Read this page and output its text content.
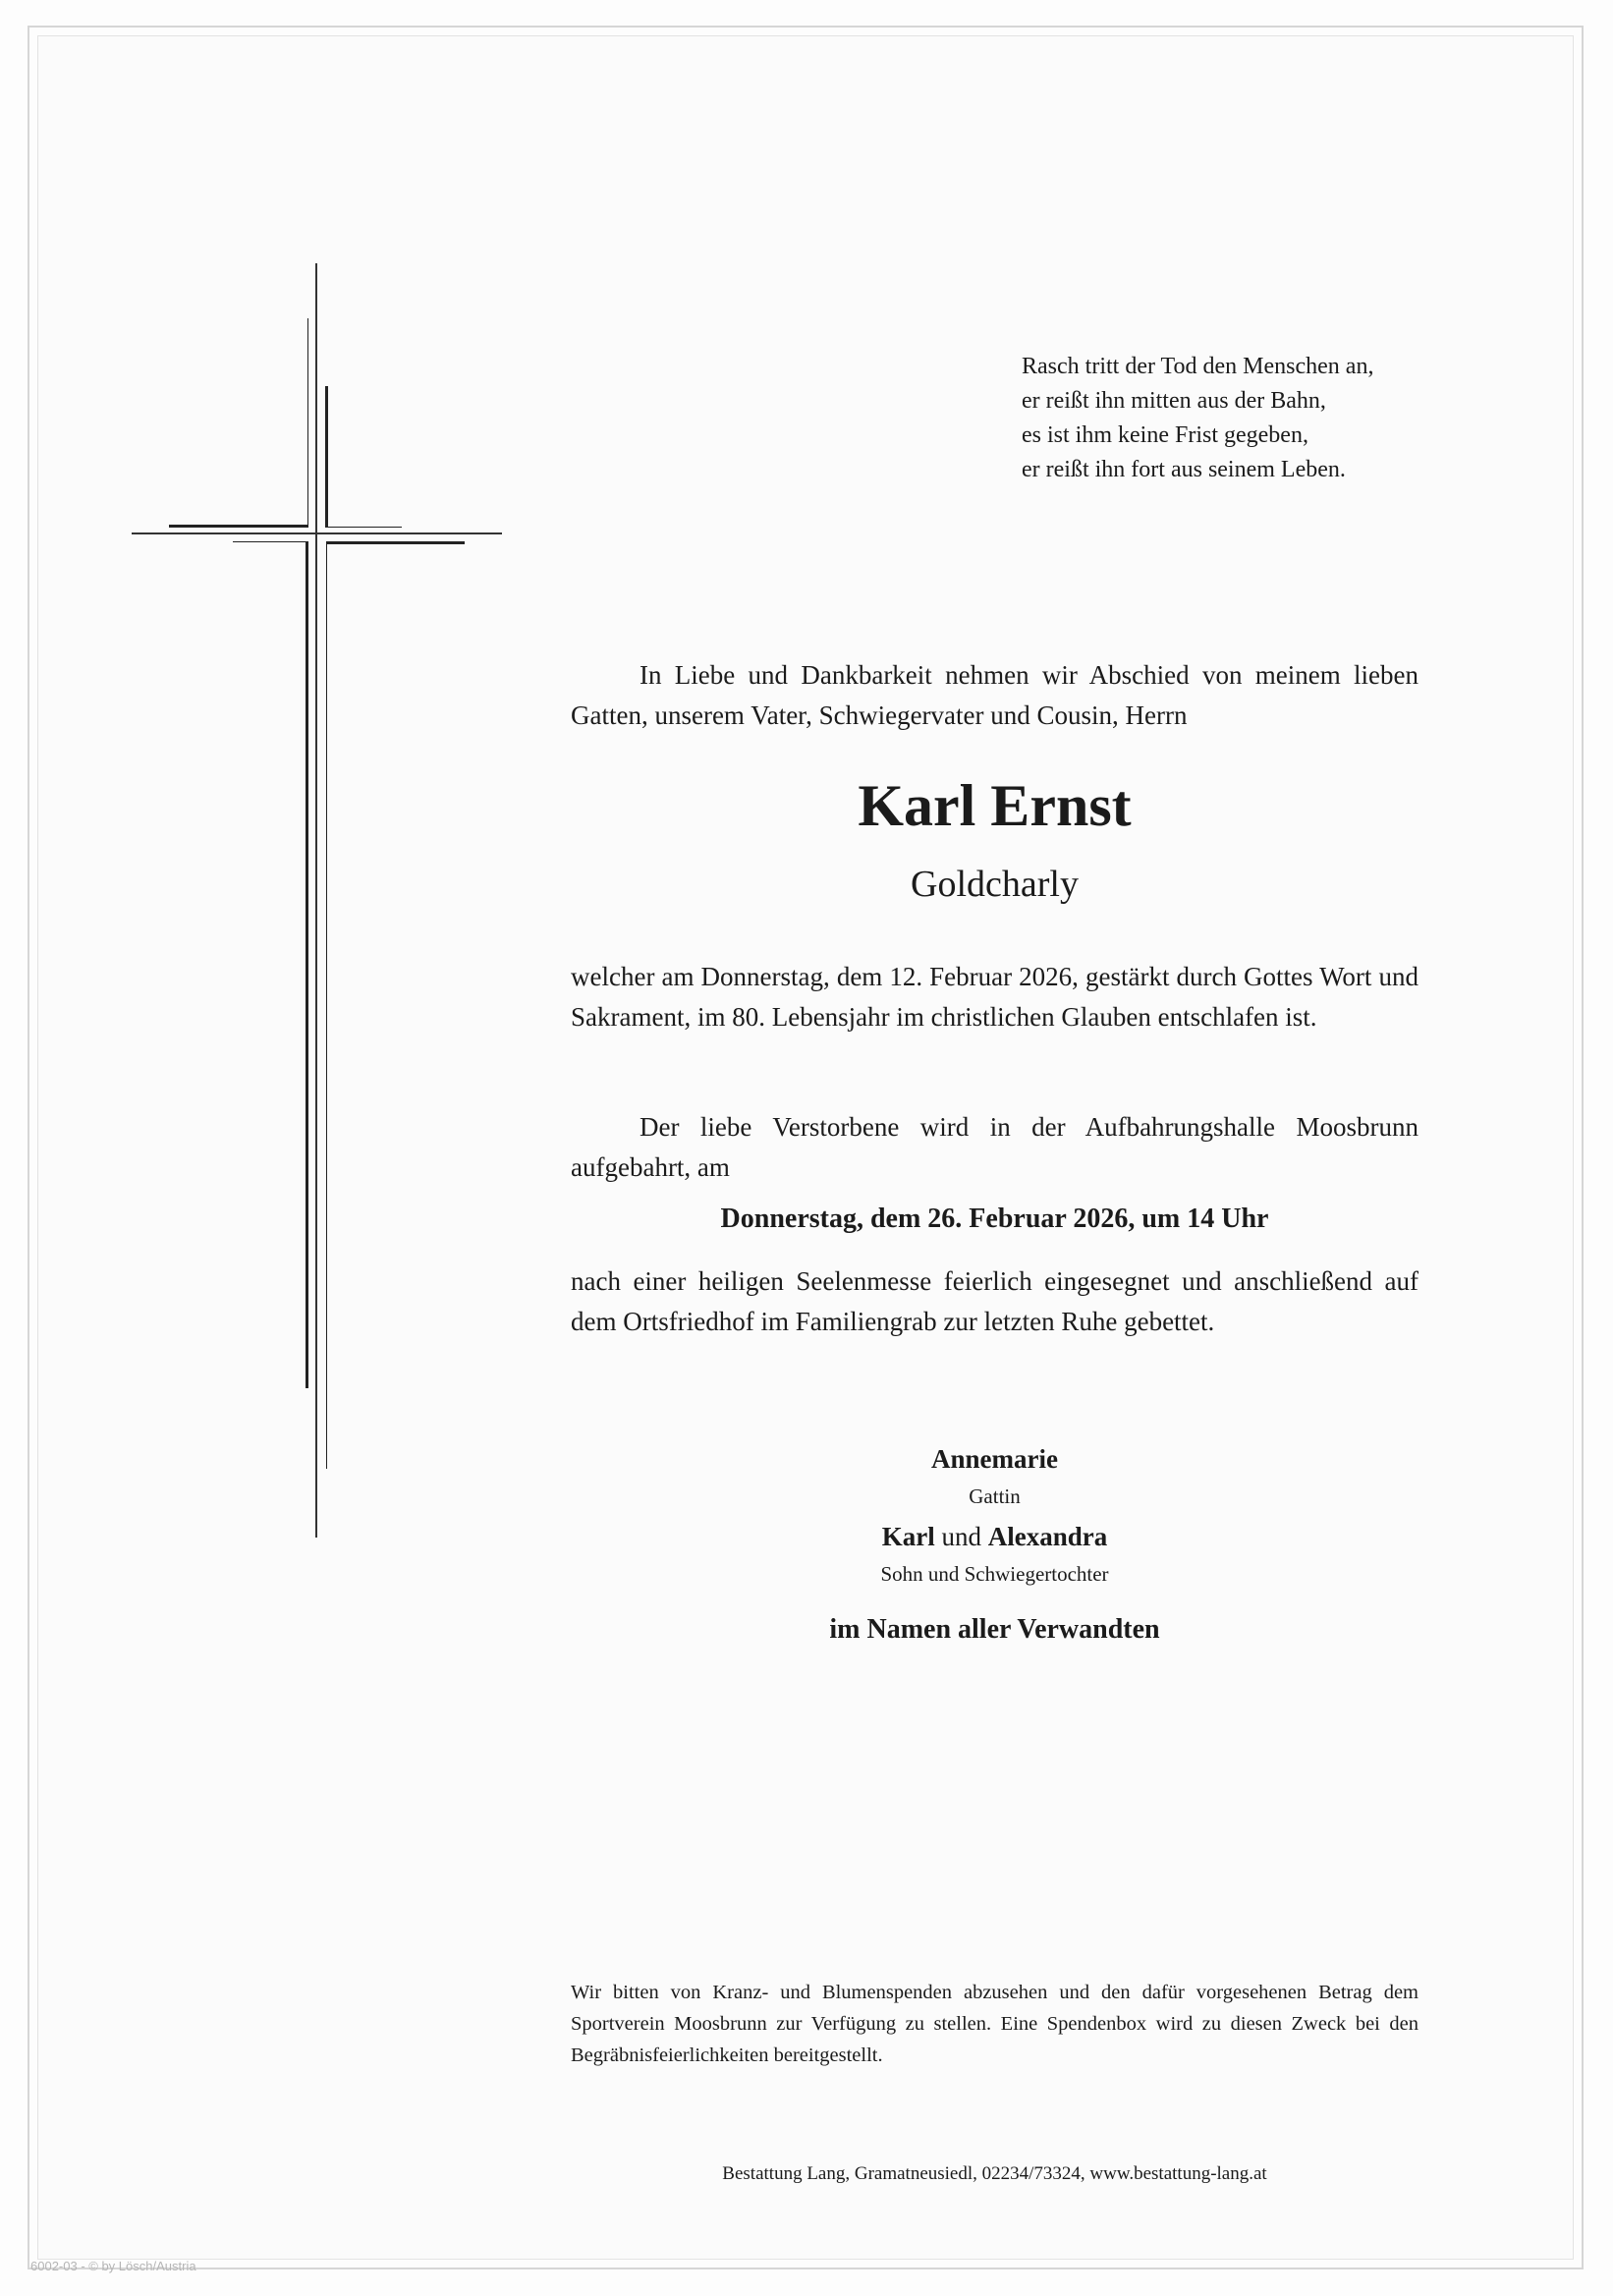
Rasch tritt der Tod den Menschen an,
er reißt ihn mitten aus der Bahn,
es ist ihm keine Frist gegeben,
er reißt ihn fort aus seinem Leben.
In Liebe und Dankbarkeit nehmen wir Abschied von meinem lieben Gatten, unserem Vater, Schwiegervater und Cousin, Herrn
Karl Ernst
Goldcharly
welcher am Donnerstag, dem 12. Februar 2026, gestärkt durch Gottes Wort und Sakrament, im 80. Lebensjahr im christlichen Glauben entschlafen ist.
Der liebe Verstorbene wird in der Aufbahrungshalle Moosbrunn aufgebahrt, am
Donnerstag, dem 26. Februar 2026, um 14 Uhr
nach einer heiligen Seelenmesse feierlich eingesegnet und anschließend auf dem Ortsfriedhof im Familiengrab zur letzten Ruhe gebettet.
Annemarie
Gattin
Karl und Alexandra
Sohn und Schwiegertochter
im Namen aller Verwandten
Wir bitten von Kranz- und Blumenspenden abzusehen und den dafür vorgesehenen Betrag dem Sportverein Moosbrunn zur Verfügung zu stellen. Eine Spendenbox wird zu diesen Zweck bei den Begräbnisfeierlichkeiten bereitgestellt.
Bestattung Lang, Gramatneusiedl, 02234/73324, www.bestattung-lang.at
6002-03 - © by Lösch/Austria
